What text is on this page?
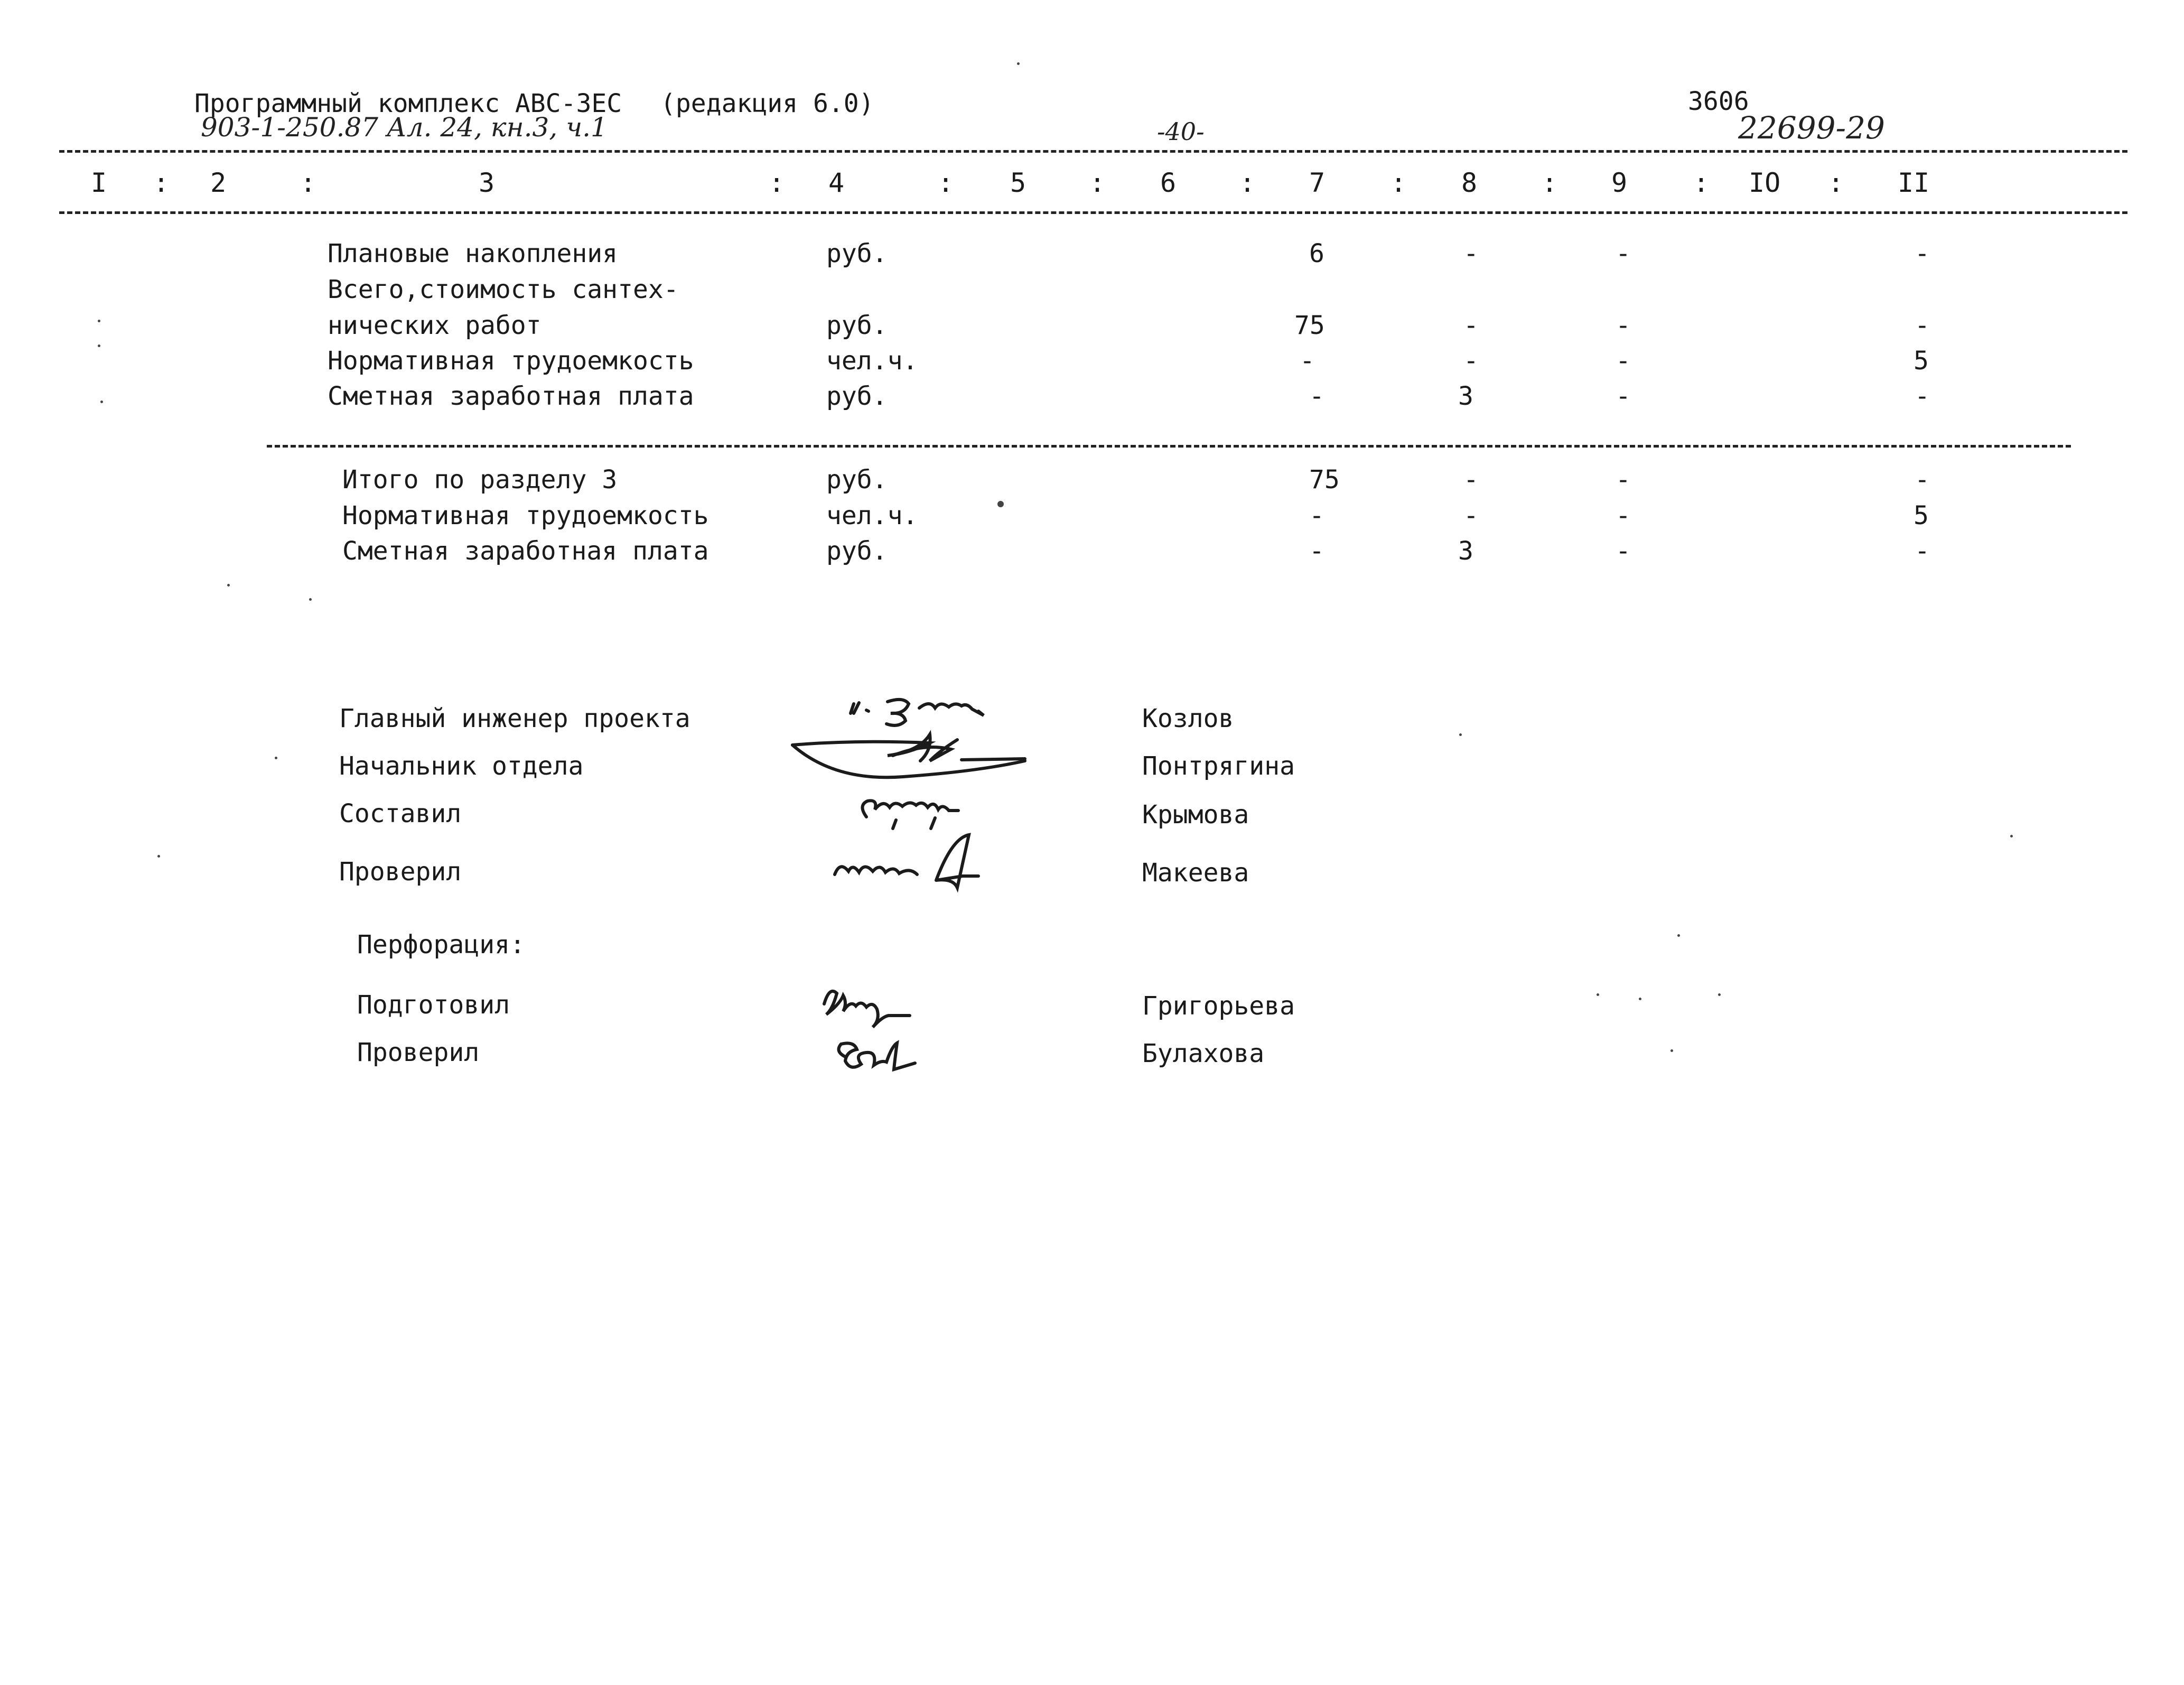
Программный комплекс АВС-ЗЕС (редакция 6.0)
903-1-250.87 Ал. 24, кн.3, ч.1	-40-
3606
22699-29
I : 2	:	3	: 4	: 5 : 6 : 7 : 8 : 9 : IO : II
Плановые накопления	руб.	6	-	-	-
Всего,стоимость сантех-
нических работ	руб.	75	-	-	-
Нормативная трудоемкость	чел.ч.	-	-	-	5
Сметная заработная плата	руб.	-	3	-	-
Итого по разделу 3	руб.	75	-	-	-
Нормативная трудоемкость	чел.ч.	-	-	-	5
Сметная заработная плата	руб.	-	3	-	-
Главный инженер проекта	Козлов
Начальник отдела	Понтрягина
Составил	Крымова
Проверил	Макеева
Перфорация:
Подготовил	Григорьева
Проверил	Булахова
